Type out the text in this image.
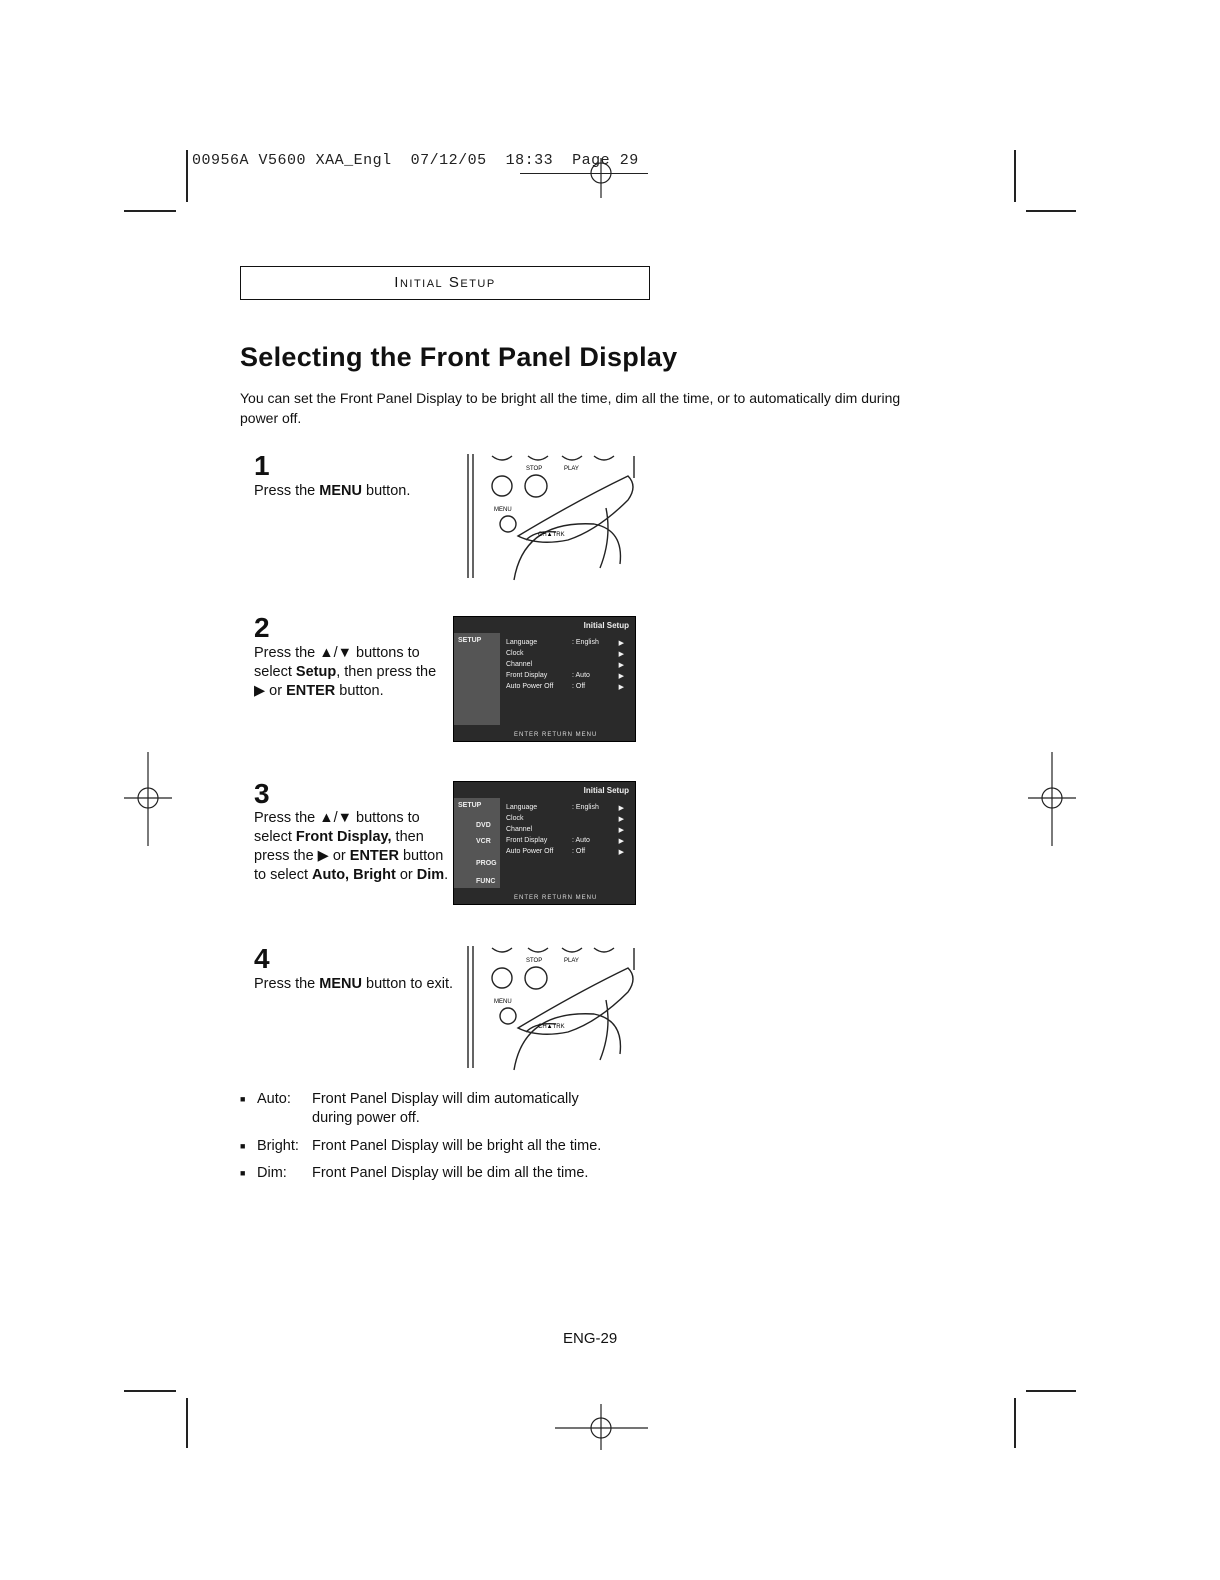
00956A V5600 XAA_Engl 07/12/05 18:33 Page 29
Initial Setup
Selecting the Front Panel Display
You can set the Front Panel Display to be bright all the time, dim all the time, or to automatically dim during power off.
1
Press the MENU button.
STOP	PLAY
MENU
CH▲TRK
2
Press the ▲/▼ buttons to select Setup, then press the ▶ or ENTER button.
Initial Setup
SETUP	Language	: English	▶
Clock	▶
Channel	▶
Front Display	: Auto	▶
Auto Power Off	: Off	▶
ENTER RETURN MENU
3
Press the ▲/▼ buttons to select Front Display, then press the ▶ or ENTER button to select Auto, Bright or Dim.
Initial Setup
SETUP
DVD
VCR
PROG
FUNC
Language	: English	▶
Clock	▶
Channel	▶
Front Display	: Auto	▶
Auto Power Off	: Off	▶
ENTER RETURN MENU
4
Press the MENU button to exit.
STOP	PLAY
MENU
CH▲TRK
■ Auto: Front Panel Display will dim automatically
during power off.
■ Bright: Front Panel Display will be bright all the time.
■ Dim: Front Panel Display will be dim all the time.
ENG-29
